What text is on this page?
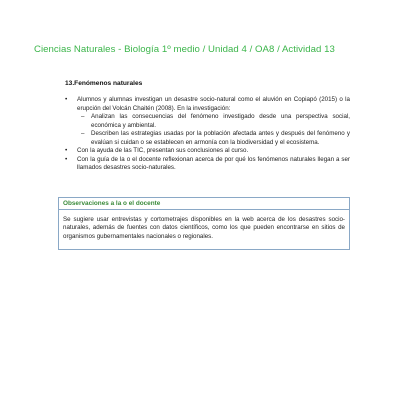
Ciencias Naturales - Biología 1º medio / Unidad 4 / OA8 / Actividad 13
13.Fenómenos naturales
• Alumnos y alumnas investigan un desastre socio-natural como el aluvión en Copiapó (2015) o la erupción del Volcán Chaitén (2008). En la investigación:
– Analizan las consecuencias del fenómeno investigado desde una perspectiva social, económica y ambiental.
– Describen las estrategias usadas por la población afectada antes y después del fenómeno y evalúan si cuidan o se establecen en armonía con la biodiversidad y el ecosistema.
• Con la ayuda de las TIC, presentan sus conclusiones al curso.
• Con la guía de la o el docente reflexionan acerca de por qué los fenómenos naturales llegan a ser llamados desastres socio-naturales.
Observaciones a la o el docente
Se sugiere usar entrevistas y cortometrajes disponibles en la web acerca de los desastres socio-naturales, además de fuentes con datos científicos, como los que pueden encontrarse en sitios de organismos gubernamentales nacionales o regionales.
